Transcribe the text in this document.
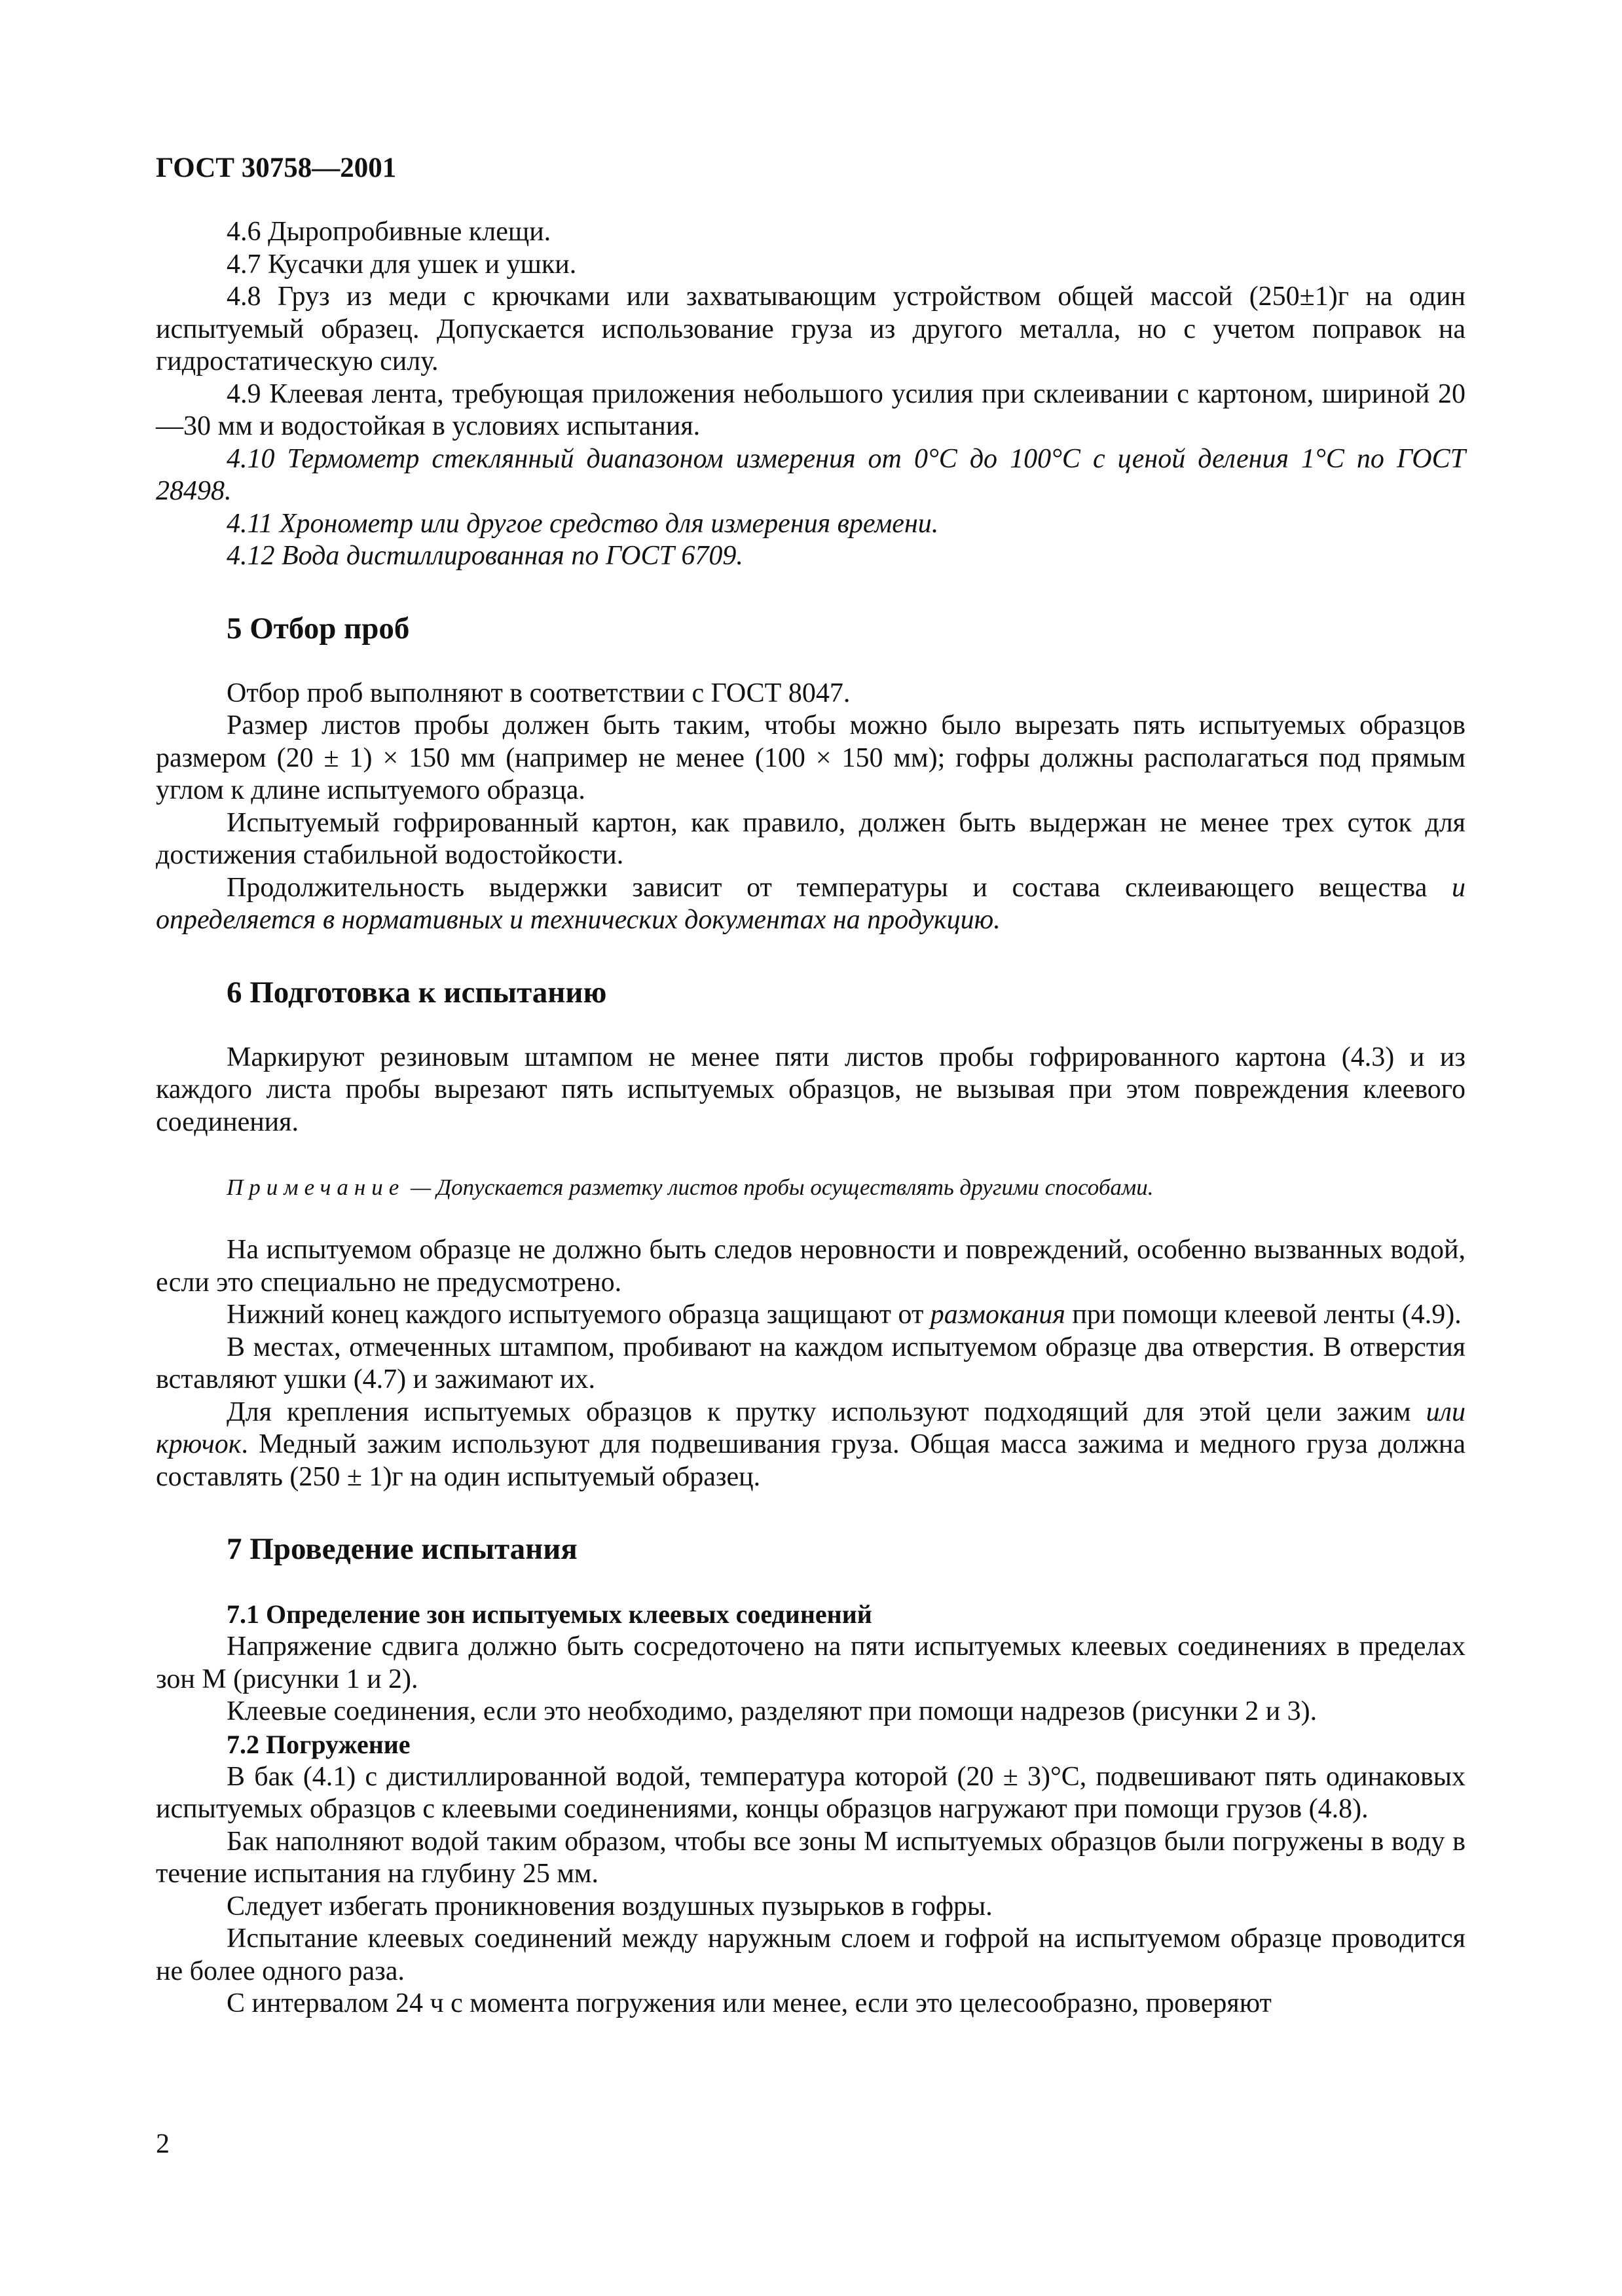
ГОСТ 30758—2001

4.6 Дыропробивные клещи.

4.7 Кусачки для ушек и ушки.

4.8 Груз из меди с крючками или захватывающим устройством общей массой (250±1)г на один испытуемый образец. Допускается использование груза из другого металла, но с учетом поправок на гидростатическую силу.

4.9 Клеевая лента, требующая приложения небольшого усилия при склеивании с картоном, шириной 20—30 мм и водостойкая в условиях испытания.

4.10 Термометр стеклянный диапазоном измерения от 0°C до 100°C с ценой деления 1°C по ГОСТ 28498.

4.11 Хронометр или другое средство для измерения времени.

4.12 Вода дистиллированная по ГОСТ 6709.

5 Отбор проб

Отбор проб выполняют в соответствии с ГОСТ 8047.

Размер листов пробы должен быть таким, чтобы можно было вырезать пять испытуемых образцов размером (20 ± 1) × 150 мм (например не менее (100 × 150 мм); гофры должны располагаться под прямым углом к длине испытуемого образца.

Испытуемый гофрированный картон, как правило, должен быть выдержан не менее трех суток для достижения стабильной водостойкости.

Продолжительность выдержки зависит от температуры и состава склеивающего вещества и определяется в нормативных и технических документах на продукцию.

6 Подготовка к испытанию

Маркируют резиновым штампом не менее пяти листов пробы гофрированного картона (4.3) и из каждого листа пробы вырезают пять испытуемых образцов, не вызывая при этом повреждения клеевого соединения.

Примечание — Допускается разметку листов пробы осуществлять другими способами.

На испытуемом образце не должно быть следов неровности и повреждений, особенно вызванных водой, если это специально не предусмотрено.

Нижний конец каждого испытуемого образца защищают от размокания при помощи клеевой ленты (4.9).

В местах, отмеченных штампом, пробивают на каждом испытуемом образце два отверстия. В отверстия вставляют ушки (4.7) и зажимают их.

Для крепления испытуемых образцов к прутку используют подходящий для этой цели зажим или крючок. Медный зажим используют для подвешивания груза. Общая масса зажима и медного груза должна составлять (250 ± 1)г на один испытуемый образец.

7 Проведение испытания
7.1 Определение зон испытуемых клеевых соединений

Напряжение сдвига должно быть сосредоточено на пяти испытуемых клеевых соединениях в пределах зон М (рисунки 1 и 2).

Клеевые соединения, если это необходимо, разделяют при помощи надрезов (рисунки 2 и 3).

7.2 Погружение

В бак (4.1) с дистиллированной водой, температура которой (20 ± 3)°C, подвешивают пять одинаковых испытуемых образцов с клеевыми соединениями, концы образцов нагружают при помощи грузов (4.8).

Бак наполняют водой таким образом, чтобы все зоны М испытуемых образцов были погружены в воду в течение испытания на глубину 25 мм.

Следует избегать проникновения воздушных пузырьков в гофры.

Испытание клеевых соединений между наружным слоем и гофрой на испытуемом образце проводится не более одного раза.

С интервалом 24 ч с момента погружения или менее, если это целесообразно, проверяют

2
